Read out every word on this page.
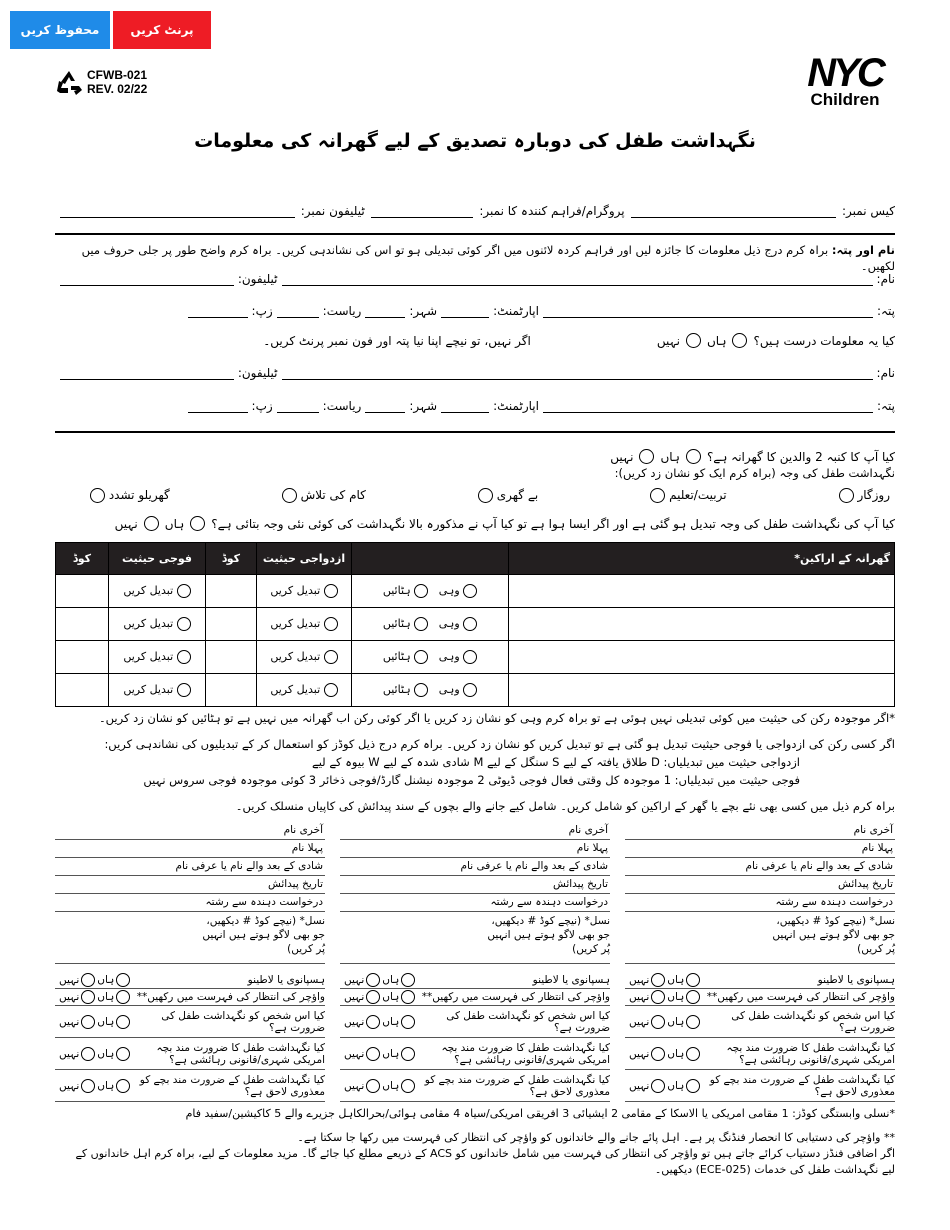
محفوظ کریں	پرنٹ کریں
CFWB-021
REV. 02/22	NYC
Children
نگہداشت طفل کی دوبارہ تصدیق کے لیے گھرانہ کی معلومات
کیس نمبر:
پروگرام/فراہم کنندہ کا نمبر:
ٹیلیفون نمبر:
نام اور پتہ: براہ کرم درج ذیل معلومات کا جائزہ لیں اور فراہم کردہ لائنوں میں اگر کوئی تبدیلی ہو تو اس کی نشاندہی کریں۔ براہ کرم واضح طور پر جلی حروف میں لکھیں۔
نام:
ٹیلیفون:
پتہ:
اپارٹمنٹ:
شہر:
ریاست:
زپ:
کیا یہ معلومات درست ہیں؟
ہاں
نہیں
اگر نہیں، تو نیچے اپنا نیا پتہ اور فون نمبر پرنٹ کریں۔
نام:
ٹیلیفون:
پتہ:
اپارٹمنٹ:
شہر:
ریاست:
زپ:
کیا آپ کا کنبہ 2 والدین کا گھرانہ ہے؟
ہاں
نہیں
نگہداشت طفل کی وجہ (براہ کرم ایک کو نشان زد کریں):
روزگار
تربیت/تعلیم
بے گھری
کام کی تلاش
گھریلو تشدد
کیا آپ کی نگہداشت طفل کی وجہ تبدیل ہو گئی ہے اور اگر ایسا ہوا ہے تو کیا آپ نے مذکورہ بالا نگہداشت کی کوئی نئی وجہ بتائی ہے؟
ہاں
نہیں
کوڈ	فوجی حیثیت	کوڈ	ازدواجی حیثیت		گھرانہ کے اراکین*
	تبدیل کریں		تبدیل کریں	وہی    ہٹائیں	
	تبدیل کریں		تبدیل کریں	وہی    ہٹائیں	
	تبدیل کریں		تبدیل کریں	وہی    ہٹائیں	
	تبدیل کریں		تبدیل کریں	وہی    ہٹائیں	
*اگر موجودہ رکن کی حیثیت میں کوئی تبدیلی نہیں ہوئی ہے تو براہ کرم وہی کو نشان زد کریں یا اگر کوئی رکن اب گھرانہ میں نہیں ہے تو ہٹائیں کو نشان زد کریں۔
اگر کسی رکن کی ازدواجی یا فوجی حیثیت تبدیل ہو گئی ہے تو تبدیل کریں کو نشان زد کریں۔ براہ کرم درج ذیل کوڈز کو استعمال کر کے تبدیلیوں کی نشاندہی کریں:
ازدواجی حیثیت میں تبدیلیاں: D طلاق یافتہ کے لیے S سنگل کے لیے M شادی شدہ کے لیے W بیوہ کے لیے
فوجی حیثیت میں تبدیلیاں: 1 موجودہ کل وقتی فعال فوجی ڈیوٹی 2 موجودہ نیشنل گارڈ/فوجی ذخائر 3 کوئی موجودہ فوجی سروس نہیں
براہ کرم ذیل میں کسی بھی نئے بچے یا گھر کے اراکین کو شامل کریں۔ شامل کیے جانے والے بچوں کے سند پیدائش کی کاپیاں منسلک کریں۔
آخری نام
پہلا نام
شادی کے بعد والے نام یا عرفی نام
تاریخ پیدائش
درخواست دہندہ سے رشتہ
نسل* (نیچے کوڈ # دیکھیں،
جو بھی لاگو ہوتے ہیں انہیں
پُر کریں)
ہسپانوی یا لاطینو
ہاں
نہیں
واؤچر کی انتظار کی فہرست میں رکھیں**
ہاں
نہیں
کیا اس شخص کو نگہداشت طفل کی ضرورت ہے؟
ہاں
نہیں
کیا نگہداشت طفل کا ضرورت مند بچہ امریکی شہری/قانونی رہائشی ہے؟
ہاں
نہیں
کیا نگہداشت طفل کے ضرورت مند بچے کو معذوری لاحق ہے؟
ہاں
نہیں
آخری نام
پہلا نام
شادی کے بعد والے نام یا عرفی نام
تاریخ پیدائش
درخواست دہندہ سے رشتہ
نسل* (نیچے کوڈ # دیکھیں،
جو بھی لاگو ہوتے ہیں انہیں
پُر کریں)
ہسپانوی یا لاطینو
ہاں
نہیں
واؤچر کی انتظار کی فہرست میں رکھیں**
ہاں
نہیں
کیا اس شخص کو نگہداشت طفل کی ضرورت ہے؟
ہاں
نہیں
کیا نگہداشت طفل کا ضرورت مند بچہ امریکی شہری/قانونی رہائشی ہے؟
ہاں
نہیں
کیا نگہداشت طفل کے ضرورت مند بچے کو معذوری لاحق ہے؟
ہاں
نہیں
آخری نام
پہلا نام
شادی کے بعد والے نام یا عرفی نام
تاریخ پیدائش
درخواست دہندہ سے رشتہ
نسل* (نیچے کوڈ # دیکھیں،
جو بھی لاگو ہوتے ہیں انہیں
پُر کریں)
ہسپانوی یا لاطینو
ہاں
نہیں
واؤچر کی انتظار کی فہرست میں رکھیں**
ہاں
نہیں
کیا اس شخص کو نگہداشت طفل کی ضرورت ہے؟
ہاں
نہیں
کیا نگہداشت طفل کا ضرورت مند بچہ امریکی شہری/قانونی رہائشی ہے؟
ہاں
نہیں
کیا نگہداشت طفل کے ضرورت مند بچے کو معذوری لاحق ہے؟
ہاں
نہیں
*نسلی وابستگی کوڈز: 1 مقامی امریکی یا الاسکا کے مقامی 2 ایشیائی 3 افریقی امریکی/سیاہ 4 مقامی ہوائی/بحرالکاہل جزیرے والے 5 کاکیشین/سفید فام
** واؤچر کی دستیابی کا انحصار فنڈنگ پر ہے۔ اہل پائے جانے والے خاندانوں کو واؤچر کی انتظار کی فہرست میں رکھا جا سکتا ہے۔
اگر اضافی فنڈز دستیاب کرائے جاتے ہیں تو واؤچر کی انتظار کی فہرست میں شامل خاندانوں کو ACS کے ذریعے مطلع کیا جائے گا۔ مزید معلومات کے لیے، براہ کرم اہل خاندانوں کے لیے نگہداشت طفل کی خدمات (ECE-025) دیکھیں۔
